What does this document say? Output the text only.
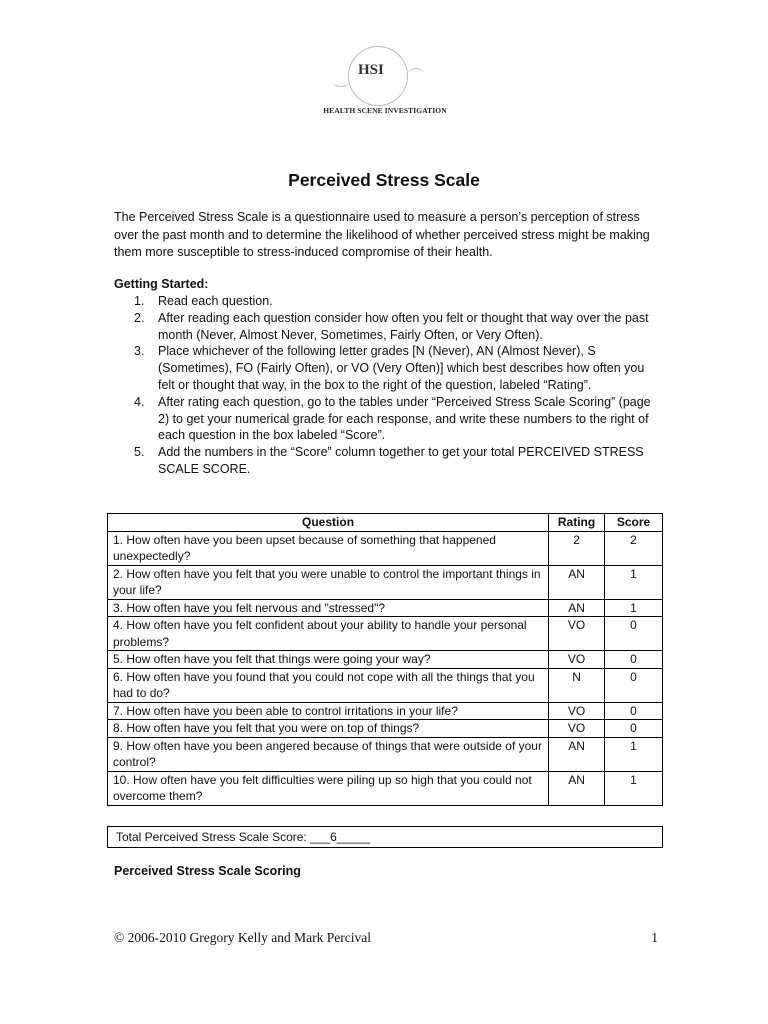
HSI
HEALTH SCENE INVESTIGATION
Perceived Stress Scale
The Perceived Stress Scale is a questionnaire used to measure a person’s perception of stress over the past month and to determine the likelihood of whether perceived stress might be making them more susceptible to stress-induced compromise of their health.
Getting Started:
1. Read each question.
2. After reading each question consider how often you felt or thought that way over the past month (Never, Almost Never, Sometimes, Fairly Often, or Very Often).
3. Place whichever of the following letter grades [N (Never), AN (Almost Never), S (Sometimes), FO (Fairly Often), or VO (Very Often)] which best describes how often you felt or thought that way, in the box to the right of the question, labeled “Rating”.
4. After rating each question, go to the tables under “Perceived Stress Scale Scoring” (page 2) to get your numerical grade for each response, and write these numbers to the right of each question in the box labeled “Score”.
5. Add the numbers in the “Score” column together to get your total PERCEIVED STRESS SCALE SCORE.
Question	Rating	Score
1. How often have you been upset because of something that happened unexpectedly?	2	2
2. How often have you felt that you were unable to control the important things in your life?	AN	1
3. How often have you felt nervous and "stressed"?	AN	1
4. How often have you felt confident about your ability to handle your personal problems?	VO	0
5. How often have you felt that things were going your way?	VO	0
6. How often have you found that you could not cope with all the things that you had to do?	N	0
7. How often have you been able to control irritations in your life?	VO	0
8. How often have you felt that you were on top of things?	VO	0
9. How often have you been angered because of things that were outside of your control?	AN	1
10. How often have you felt difficulties were piling up so high that you could not overcome them?	AN	1
Total Perceived Stress Scale Score: ___6_____
Perceived Stress Scale Scoring
© 2006-2010 Gregory Kelly and Mark Percival	1
